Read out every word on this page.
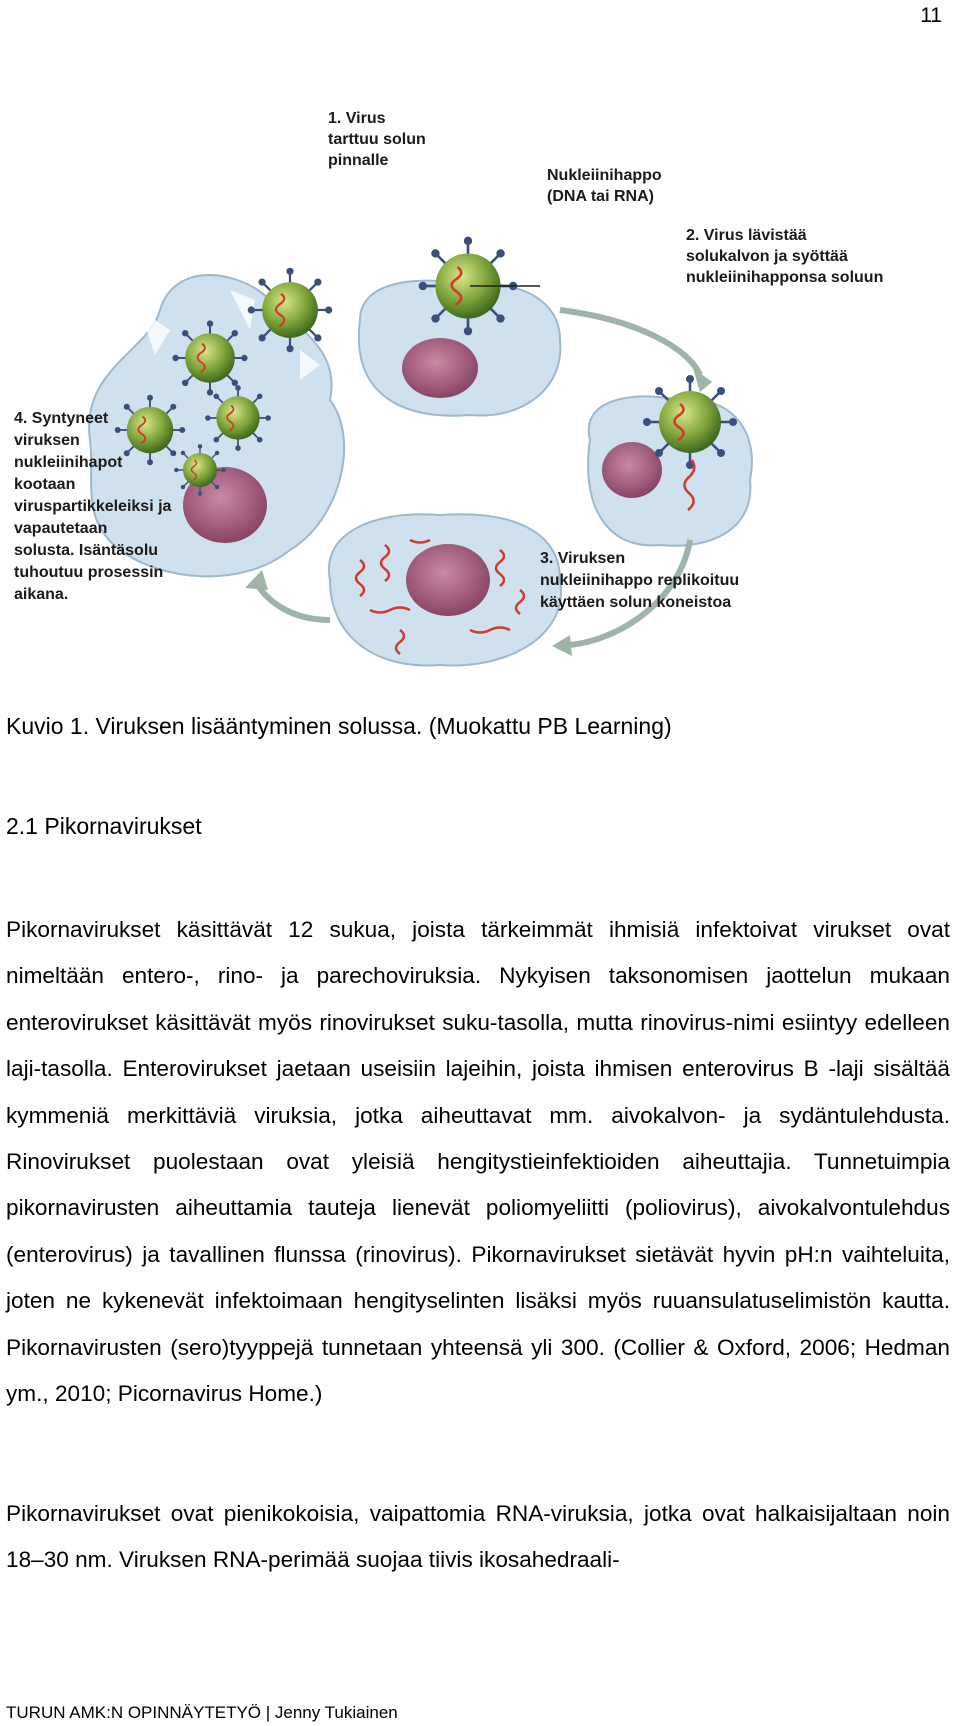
11
1. Virus
tarttuu solun
pinnalle
Nukleiinihappo
(DNA tai RNA)
2. Virus lävistää
solukalvon ja syöttää
nukleiinihapponsa soluun
3. Viruksen
nukleiinihappo replikoituu
käyttäen solun koneistoa
4. Syntyneet
viruksen
nukleiinihapot
kootaan
viruspartikkeleiksi ja
vapautetaan
solusta. Isäntäsolu
tuhoutuu prosessin
aikana.
Kuvio 1. Viruksen lisääntyminen solussa. (Muokattu PB Learning)
2.1 Pikornavirukset
Pikornavirukset käsittävät 12 sukua, joista tärkeimmät ihmisiä infektoivat virukset ovat nimeltään entero-, rino- ja parechoviruksia. Nykyisen taksonomisen jaottelun mukaan enterovirukset käsittävät myös rinovirukset suku-tasolla, mutta rinovirus-nimi esiintyy edelleen laji-tasolla. Enterovirukset jaetaan useisiin lajeihin, joista ihmisen enterovirus B -laji sisältää kymmeniä merkittäviä viruksia, jotka aiheuttavat mm. aivokalvon- ja sydäntulehdusta. Rinovirukset puolestaan ovat yleisiä hengitystieinfektioiden aiheuttajia. Tunnetuimpia pikornavirusten aiheuttamia tauteja lienevät poliomyeliitti (poliovirus), aivokalvontulehdus (enterovirus) ja tavallinen flunssa (rinovirus). Pikornavirukset sietävät hyvin pH:n vaihteluita, joten ne kykenevät infektoimaan hengityselinten lisäksi myös ruuansulatuselimistön kautta. Pikornavirusten (sero)tyyppejä tunnetaan yhteensä yli 300. (Collier & Oxford, 2006; Hedman ym., 2010; Picornavirus Home.)
Pikornavirukset ovat pienikokoisia, vaipattomia RNA-viruksia, jotka ovat halkaisijaltaan noin 18–30 nm. Viruksen RNA-perimää suojaa tiivis ikosahedraali-
TURUN AMK:N OPINNÄYTETYÖ | Jenny Tukiainen
